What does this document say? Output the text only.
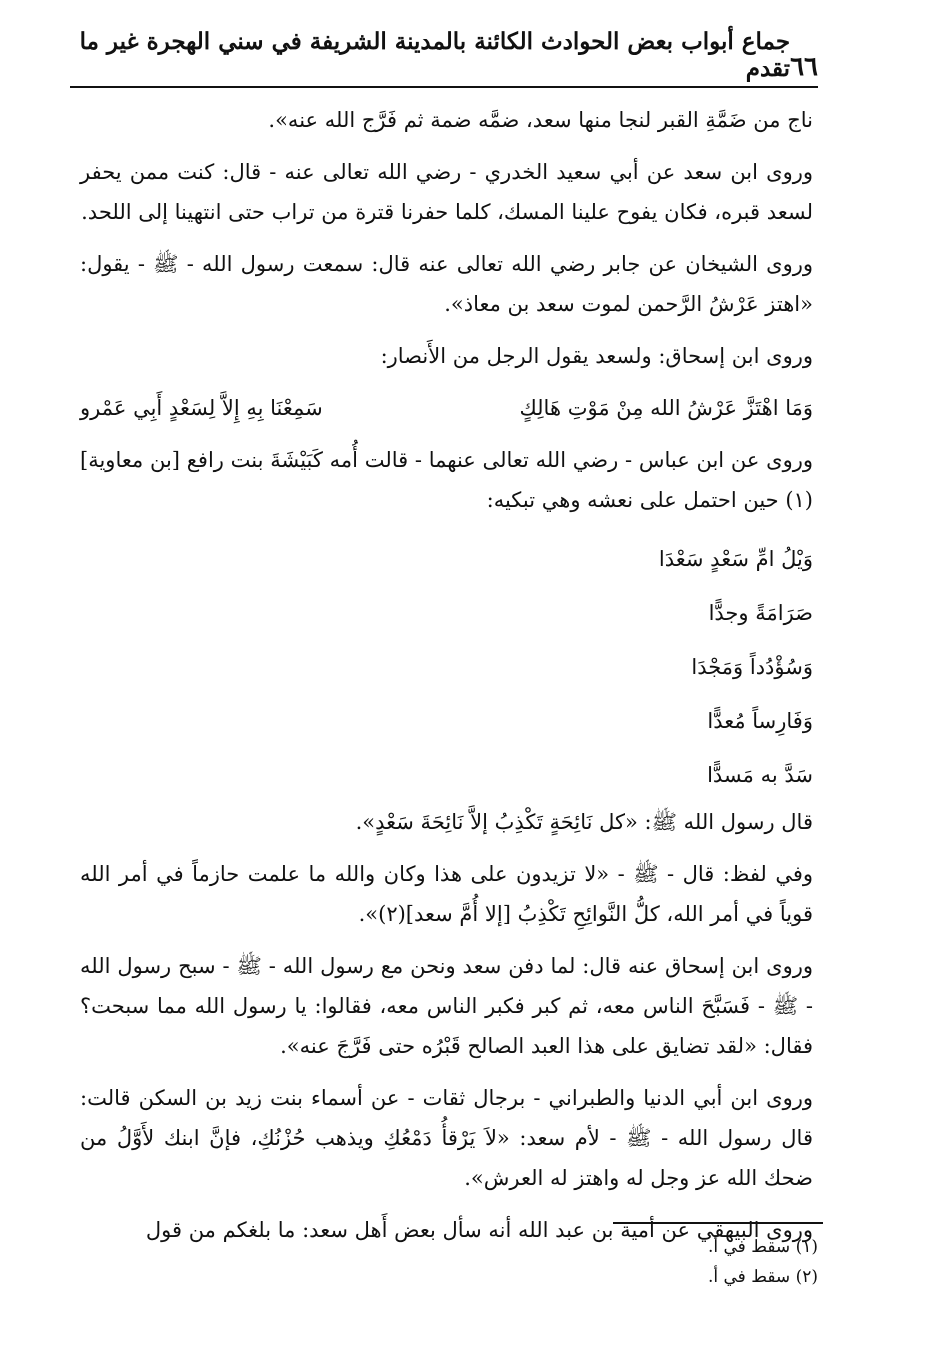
٦٦
جماع أبواب بعض الحوادث الكائنة بالمدينة الشريفة في سني الهجرة غير ما تقدم

ناج من ضَمَّةِ القبر لنجا منها سعد، ضمَّه ضمة ثم فَرَّج الله عنه».

وروى ابن سعد عن أبي سعيد الخدري - رضي الله تعالى عنه - قال: كنت ممن يحفر لسعد قبره، فكان يفوح علينا المسك، كلما حفرنا قترة من تراب حتى انتهينا إلى اللحد.

وروى الشيخان عن جابر رضي الله تعالى عنه قال: سمعت رسول الله - ﷺ - يقول: «اهتز عَرْشُ الرَّحمن لموت سعد بن معاذ».

وروى ابن إسحاق: ولسعد يقول الرجل من الأَنصار:

وَمَا اهْتَزَّ عَرْشُ الله مِنْ مَوْتِ هَالِكٍ
سَمِعْنَا بِهِ إِلاَّ لِسَعْدٍ أَبِي عَمْرو

وروى عن ابن عباس - رضي الله تعالى عنهما - قالت أُمه كَبَيْشَةَ بنت رافع [بن معاوية](١) حين احتمل على نعشه وهي تبكيه:

وَيْلُ امِّ سَعْدٍ سَعْدَا
صَرَامَةً وجدًّا
وَسُؤْدُداً وَمَجْدَا
وَفَارِساً مُعدًّا
سَدَّ به مَسدًّا

قال رسول الله ﷺ: «كل نَائِحَةٍ تَكْذِبُ إلاَّ نَائِحَةَ سَعْدٍ».

وفي لفظ: قال - ﷺ - «لا تزيدون على هذا وكان والله ما علمت حازماً في أمر الله قوياً في أمر الله، كلُّ النَّوائِحِ تَكْذِبُ [إلا أُمَّ سعد](٢)».

وروى ابن إسحاق عنه قال: لما دفن سعد ونحن مع رسول الله - ﷺ - سبح رسول الله - ﷺ - فَسَبَّحَ الناس معه، ثم كبر فكبر الناس معه، فقالوا: يا رسول الله مما سبحت؟ فقال: «لقد تضايق على هذا العبد الصالح قَبْرُه حتى فَرَّجَ عنه».

وروى ابن أبي الدنيا والطبراني - برجال ثقات - عن أسماء بنت زيد بن السكن قالت: قال رسول الله - ﷺ - لأم سعد: «لاَ يَرْقأُ دَمْعُكِ ويذهب حُزْنُكِ، فإنَّ ابنك لأَوَّلُ من ضحك الله عز وجل له واهتز له العرش».

وروى البيهقي عن أمية بن عبد الله أنه سأل بعض أَهل سعد: ما بلغكم من قول

(١) سقط في أ.
(٢) سقط في أ.
